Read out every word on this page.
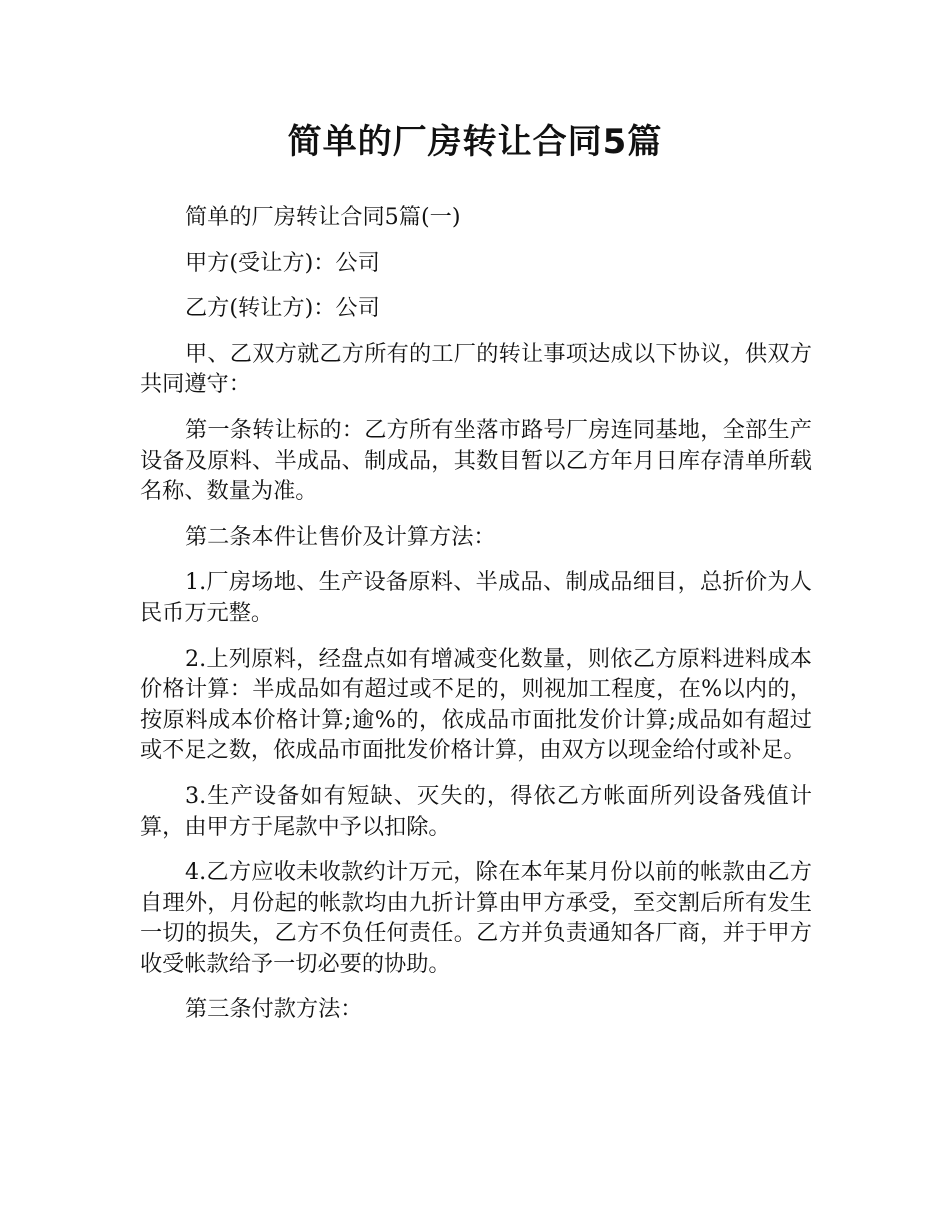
简单的厂房转让合同5篇

简单的厂房转让合同5篇(一)

甲方(受让方)：公司

乙方(转让方)：公司

甲、乙双方就乙方所有的工厂的转让事项达成以下协议，供双方共同遵守：

第一条转让标的：乙方所有坐落市路号厂房连同基地，全部生产设备及原料、半成品、制成品，其数目暂以乙方年月日库存清单所载名称、数量为准。

第二条本件让售价及计算方法：

1.厂房场地、生产设备原料、半成品、制成品细目，总折价为人民币万元整。

2.上列原料，经盘点如有增减变化数量，则依乙方原料进料成本价格计算：半成品如有超过或不足的，则视加工程度，在%以内的，按原料成本价格计算;逾%的，依成品市面批发价计算;成品如有超过或不足之数，依成品市面批发价格计算，由双方以现金给付或补足。

3.生产设备如有短缺、灭失的，得依乙方帐面所列设备残值计算，由甲方于尾款中予以扣除。

4.乙方应收未收款约计万元，除在本年某月份以前的帐款由乙方自理外，月份起的帐款均由九折计算由甲方承受，至交割后所有发生一切的损失，乙方不负任何责任。乙方并负责通知各厂商，并于甲方收受帐款给予一切必要的协助。

第三条付款方法：
